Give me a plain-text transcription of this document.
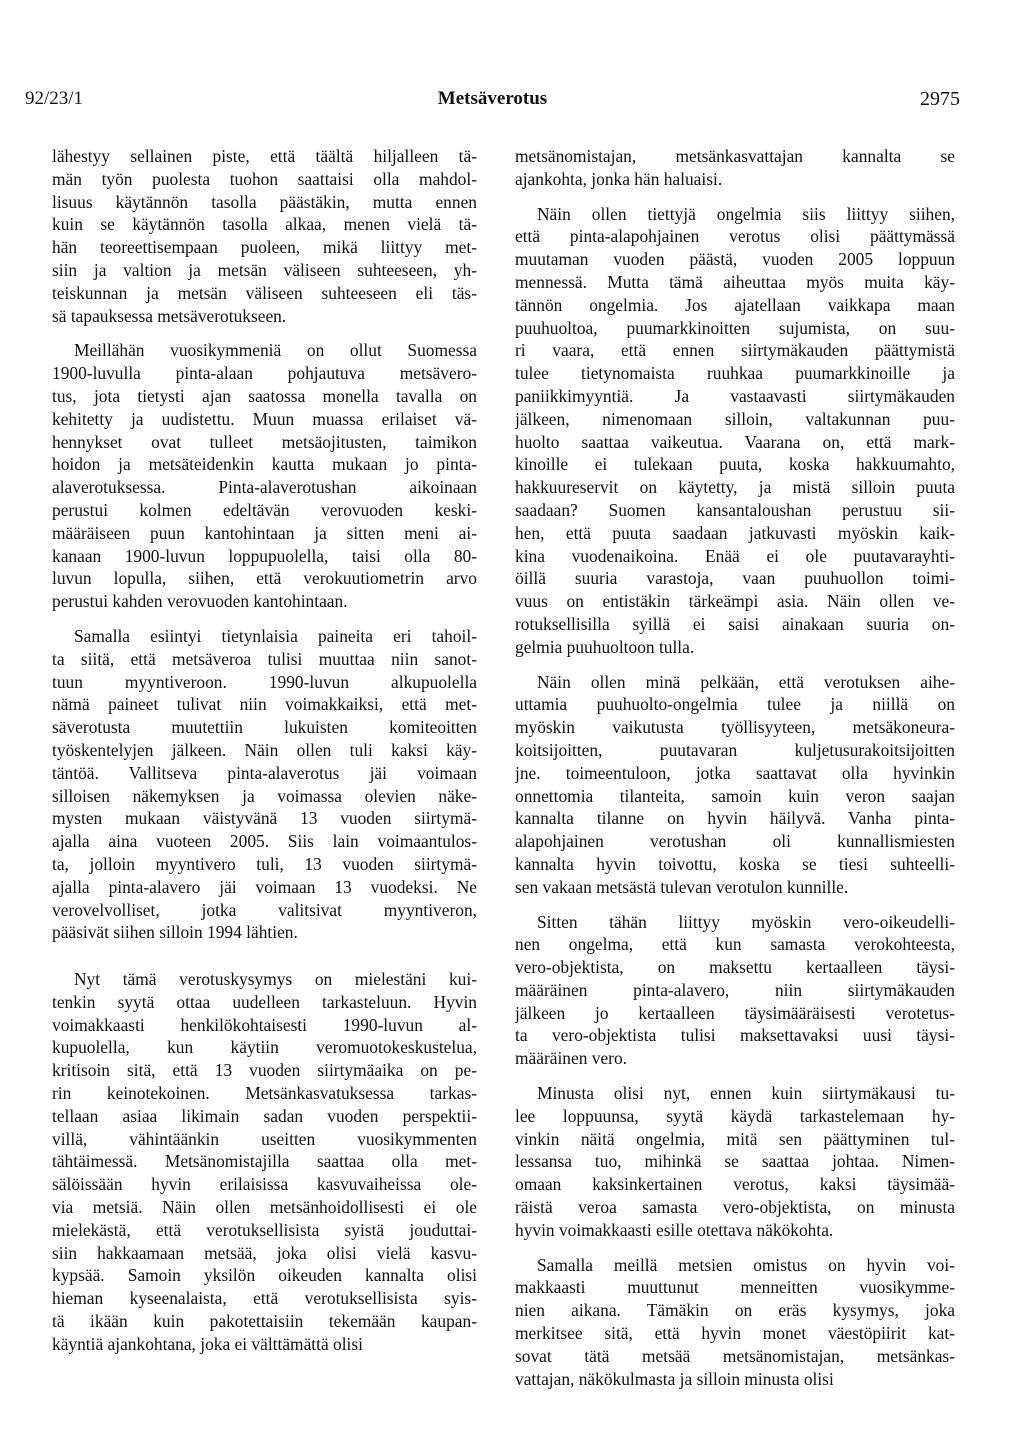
92/23/1	Metsäverotus	2975
lähestyy sellainen piste, että täältä hiljalleen tä-
män työn puolesta tuohon saattaisi olla mahdol-
lisuus käytännön tasolla päästäkin, mutta ennen
kuin se käytännön tasolla alkaa, menen vielä tä-
hän teoreettisempaan puoleen, mikä liittyy met-
siin ja valtion ja metsän väliseen suhteeseen, yh-
teiskunnan ja metsän väliseen suhteeseen eli täs-
sä tapauksessa metsäverotukseen.
Meillähän vuosikymmeniä on ollut Suomessa
1900-luvulla pinta-alaan pohjautuva metsävero-
tus, jota tietysti ajan saatossa monella tavalla on
kehitetty ja uudistettu. Muun muassa erilaiset vä-
hennykset ovat tulleet metsäojitusten, taimikon
hoidon ja metsäteidenkin kautta mukaan jo pinta-
alaverotuksessa. Pinta-alaverotushan aikoinaan
perustui kolmen edeltävän verovuoden keski-
määräiseen puun kantohintaan ja sitten meni ai-
kanaan 1900-luvun loppupuolella, taisi olla 80-
luvun lopulla, siihen, että verokuutiometrin arvo
perustui kahden verovuoden kantohintaan.
Samalla esiintyi tietynlaisia paineita eri tahoil-
ta siitä, että metsäveroa tulisi muuttaa niin sanot-
tuun myyntiveroon. 1990-luvun alkupuolella
nämä paineet tulivat niin voimakkaiksi, että met-
säverotusta muutettiin lukuisten komiteoitten
työskentelyjen jälkeen. Näin ollen tuli kaksi käy-
täntöä. Vallitseva pinta-alaverotus jäi voimaan
silloisen näkemyksen ja voimassa olevien näke-
mysten mukaan väistyvänä 13 vuoden siirtymä-
ajalla aina vuoteen 2005. Siis lain voimaantulos-
ta, jolloin myyntivero tuli, 13 vuoden siirtymä-
ajalla pinta-alavero jäi voimaan 13 vuodeksi. Ne
verovelvolliset, jotka valitsivat myyntiveron,
pääsivät siihen silloin 1994 lähtien.
Nyt tämä verotuskysymys on mielestäni kui-
tenkin syytä ottaa uudelleen tarkasteluun. Hyvin
voimakkaasti henkilökohtaisesti 1990-luvun al-
kupuolella, kun käytiin veromuotokeskustelua,
kritisoin sitä, että 13 vuoden siirtymäaika on pe-
rin keinotekoinen. Metsänkasvatuksessa tarkas-
tellaan asiaa likimain sadan vuoden perspektii-
villä, vähintäänkin useitten vuosikymmenten
tähtäimessä. Metsänomistajilla saattaa olla met-
sälöissään hyvin erilaisissa kasvuvaiheissa ole-
via metsiä. Näin ollen metsänhoidollisesti ei ole
mielekästä, että verotuksellisista syistä jouduttai-
siin hakkaamaan metsää, joka olisi vielä kasvu-
kypsää. Samoin yksilön oikeuden kannalta olisi
hieman kyseenalaista, että verotuksellisista syis-
tä ikään kuin pakotettaisiin tekemään kaupan-
käyntiä ajankohtana, joka ei välttämättä olisi
metsänomistajan, metsänkasvattajan kannalta se
ajankohta, jonka hän haluaisi.
Näin ollen tiettyjä ongelmia siis liittyy siihen,
että pinta-alapohjainen verotus olisi päättymässä
muutaman vuoden päästä, vuoden 2005 loppuun
mennessä. Mutta tämä aiheuttaa myös muita käy-
tännön ongelmia. Jos ajatellaan vaikkapa maan
puuhuoltoa, puumarkkinoitten sujumista, on suu-
ri vaara, että ennen siirtymäkauden päättymistä
tulee tietynomaista ruuhkaa puumarkkinoille ja
paniikkimyyntiä. Ja vastaavasti siirtymäkauden
jälkeen, nimenomaan silloin, valtakunnan puu-
huolto saattaa vaikeutua. Vaarana on, että mark-
kinoille ei tulekaan puuta, koska hakkuumahto,
hakkuureservit on käytetty, ja mistä silloin puuta
saadaan? Suomen kansantaloushan perustuu sii-
hen, että puuta saadaan jatkuvasti myöskin kaik-
kina vuodenaikoina. Enää ei ole puutavarayhti-
öillä suuria varastoja, vaan puuhuollon toimi-
vuus on entistäkin tärkeämpi asia. Näin ollen ve-
rotuksellisilla syillä ei saisi ainakaan suuria on-
gelmia puuhuoltoon tulla.
Näin ollen minä pelkään, että verotuksen aihe-
uttamia puuhuolto-ongelmia tulee ja niillä on
myöskin vaikutusta työllisyyteen, metsäkoneura-
koitsijoitten, puutavaran kuljetusurakoitsijoitten
jne. toimeentuloon, jotka saattavat olla hyvinkin
onnettomia tilanteita, samoin kuin veron saajan
kannalta tilanne on hyvin häilyvä. Vanha pinta-
alapohjainen verotushan oli kunnallismiesten
kannalta hyvin toivottu, koska se tiesi suhteelli-
sen vakaan metsästä tulevan verotulon kunnille.
Sitten tähän liittyy myöskin vero-oikeudelli-
nen ongelma, että kun samasta verokohteesta,
vero-objektista, on maksettu kertaalleen täysi-
määräinen pinta-alavero, niin siirtymäkauden
jälkeen jo kertaalleen täysimääräisesti verotetus-
ta vero-objektista tulisi maksettavaksi uusi täysi-
määräinen vero.
Minusta olisi nyt, ennen kuin siirtymäkausi tu-
lee loppuunsa, syytä käydä tarkastelemaan hy-
vinkin näitä ongelmia, mitä sen päättyminen tul-
lessansa tuo, mihinkä se saattaa johtaa. Nimen-
omaan kaksinkertainen verotus, kaksi täysimää-
räistä veroa samasta vero-objektista, on minusta
hyvin voimakkaasti esille otettava näkökohta.
Samalla meillä metsien omistus on hyvin voi-
makkaasti muuttunut menneitten vuosikymme-
nien aikana. Tämäkin on eräs kysymys, joka
merkitsee sitä, että hyvin monet väestöpiirit kat-
sovat tätä metsää metsänomistajan, metsänkas-
vattajan, näkökulmasta ja silloin minusta olisi
